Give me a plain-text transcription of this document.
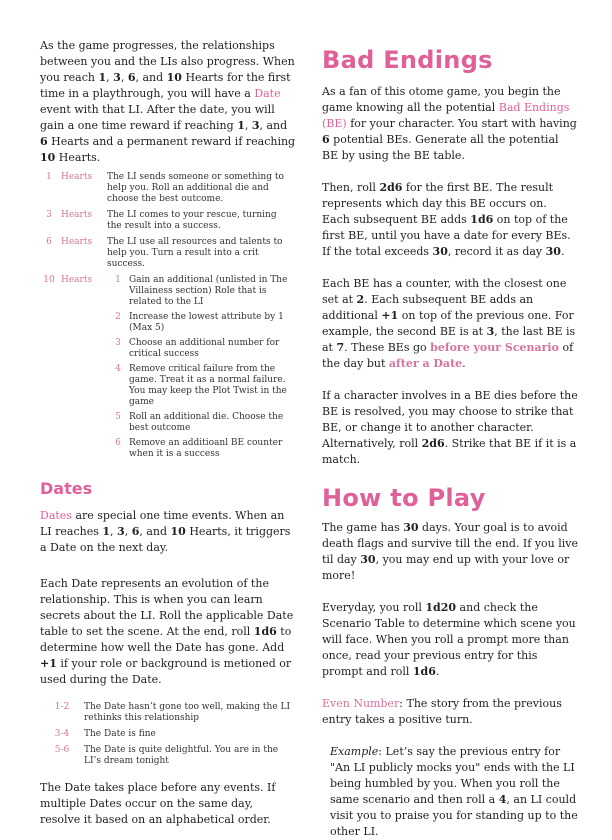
As the game progresses, the relationships between you and the LIs also progress. When you reach 1, 3, 6, and 10 Hearts for the first time in a playthrough, you will have a Date event with that LI. After the date, you will gain a one time reward if reaching 1, 3, and 6 Hearts and a permanent reward if reaching 10 Hearts.

1	Hearts	The LI sends someone or something to help you. Roll an additional die and choose the best outcome.
3	Hearts	The LI comes to your rescue, turning the result into a success.
6	Hearts	The LI use all resources and talents to help you. Turn a result into a crit success.
10	Hearts		1	Gain an additional (unlisted in The Villainess section) Role that is related to the LI
2	Increase the lowest attribute by 1 (Max 5)
3	Choose an additional number for critical success
4	Remove critical failure from the game. Treat it as a normal failure. You may keep the Plot Twist in the game
5	Roll an additional die. Choose the best outcome
6	Remove an additioanl BE counter when it is a success
Dates

Dates are special one time events. When an LI reaches 1, 3, 6, and 10 Hearts, it triggers a Date on the next day.

Each Date represents an evolution of the relationship. This is when you can learn secrets about the LI. Roll the applicable Date table to set the scene. At the end, roll 1d6 to determine how well the Date has gone. Add +1 if your role or background is metioned or used during the Date.

1-2	The Date hasn’t gone too well, making the LI rethinks this relationship
3-4	The Date is fine
5-6	The Date is quite delightful. You are in the LI’s dream tonight

The Date takes place before any events. If multiple Dates occur on the same day, resolve it based on an alphabetical order.

Bad Endings

As a fan of this otome game, you begin the game knowing all the potential Bad Endings (BE) for your character. You start with having 6 potential BEs. Generate all the potential BE by using the BE table.

Then, roll 2d6 for the first BE. The result represents which day this BE occurs on. Each subsequent BE adds 1d6 on top of the first BE, until you have a date for every BEs. If the total exceeds 30, record it as day 30.

Each BE has a counter, with the closest one set at 2. Each subsequent BE adds an additional +1 on top of the previous one. For example, the second BE is at 3, the last BE is at 7. These BEs go before your Scenario of the day but after a Date.

If a character involves in a BE dies before the BE is resolved, you may choose to strike that BE, or change it to another character. Alternatively, roll 2d6. Strike that BE if it is a match.

How to Play

The game has 30 days. Your goal is to avoid death flags and survive till the end. If you live til day 30, you may end up with your love or more!

Everyday, you roll 1d20 and check the Scenario Table to determine which scene you will face. When you roll a prompt more than once, read your previous entry for this prompt and roll 1d6.

Even Number: The story from the previous entry takes a positive turn.

Example: Let’s say the previous entry for "An LI publicly mocks you" ends with the LI being humbled by you. When you roll the same scenario and then roll a 4, an LI could visit you to praise you for standing up to the other LI.
